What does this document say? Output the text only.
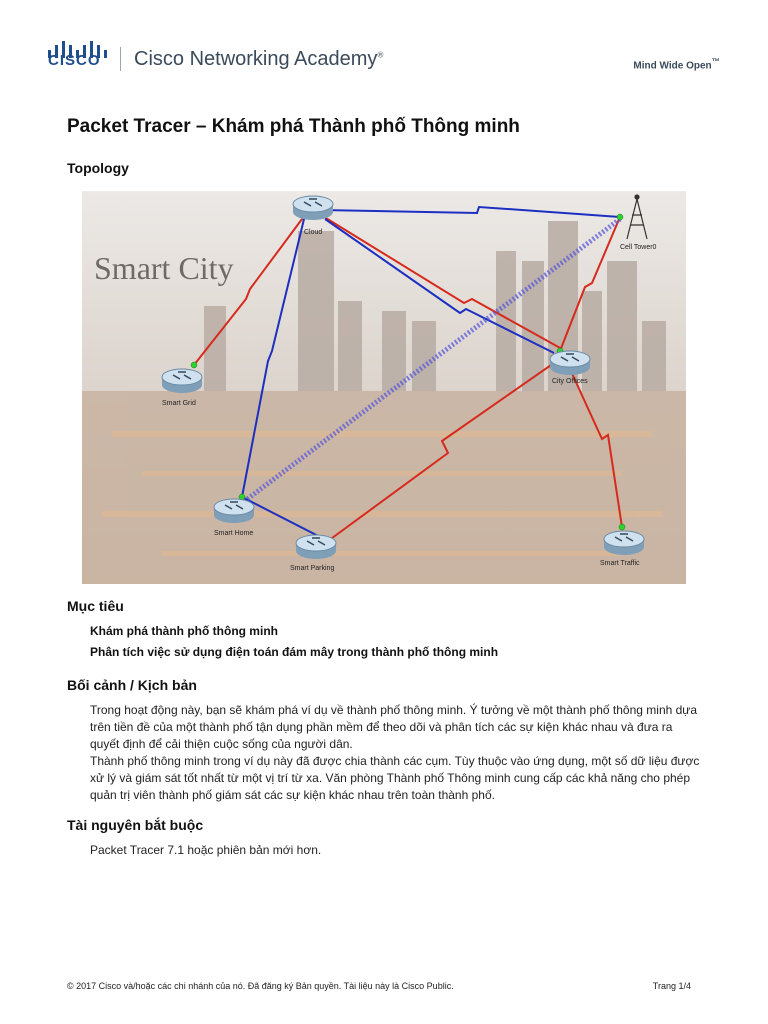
CISCO Cisco Networking Academy®
Mind Wide Open™
Packet Tracer – Khám phá Thành phố Thông minh
Topology
Smart City
Cloud
Cell Tower0
Smart Grid
City Offices
Smart Home
Smart Parking
Smart Traffic
Mục tiêu
Khám phá thành phố thông minh
Phân tích việc sử dụng điện toán đám mây trong thành phố thông minh
Bối cảnh / Kịch bản

Trong hoạt động này, bạn sẽ khám phá ví dụ về thành phố thông minh. Ý tưởng về một thành phố thông minh dựa trên tiền đề của một thành phố tận dụng phần mềm để theo dõi và phân tích các sự kiện khác nhau và đưa ra quyết định để cải thiện cuộc sống của người dân.

Thành phố thông minh trong ví dụ này đã được chia thành các cụm. Tùy thuộc vào ứng dụng, một số dữ liệu được xử lý và giám sát tốt nhất từ một vị trí từ xa. Văn phòng Thành phố Thông minh cung cấp các khả năng cho phép quản trị viên thành phố giám sát các sự kiện khác nhau trên toàn thành phố.

Tài nguyên bắt buộc

Packet Tracer 7.1 hoặc phiên bản mới hơn.

© 2017 Cisco và/hoặc các chi nhánh của nó. Đã đăng ký Bản quyền. Tài liệu này là Cisco Public.	Trang 1/4
